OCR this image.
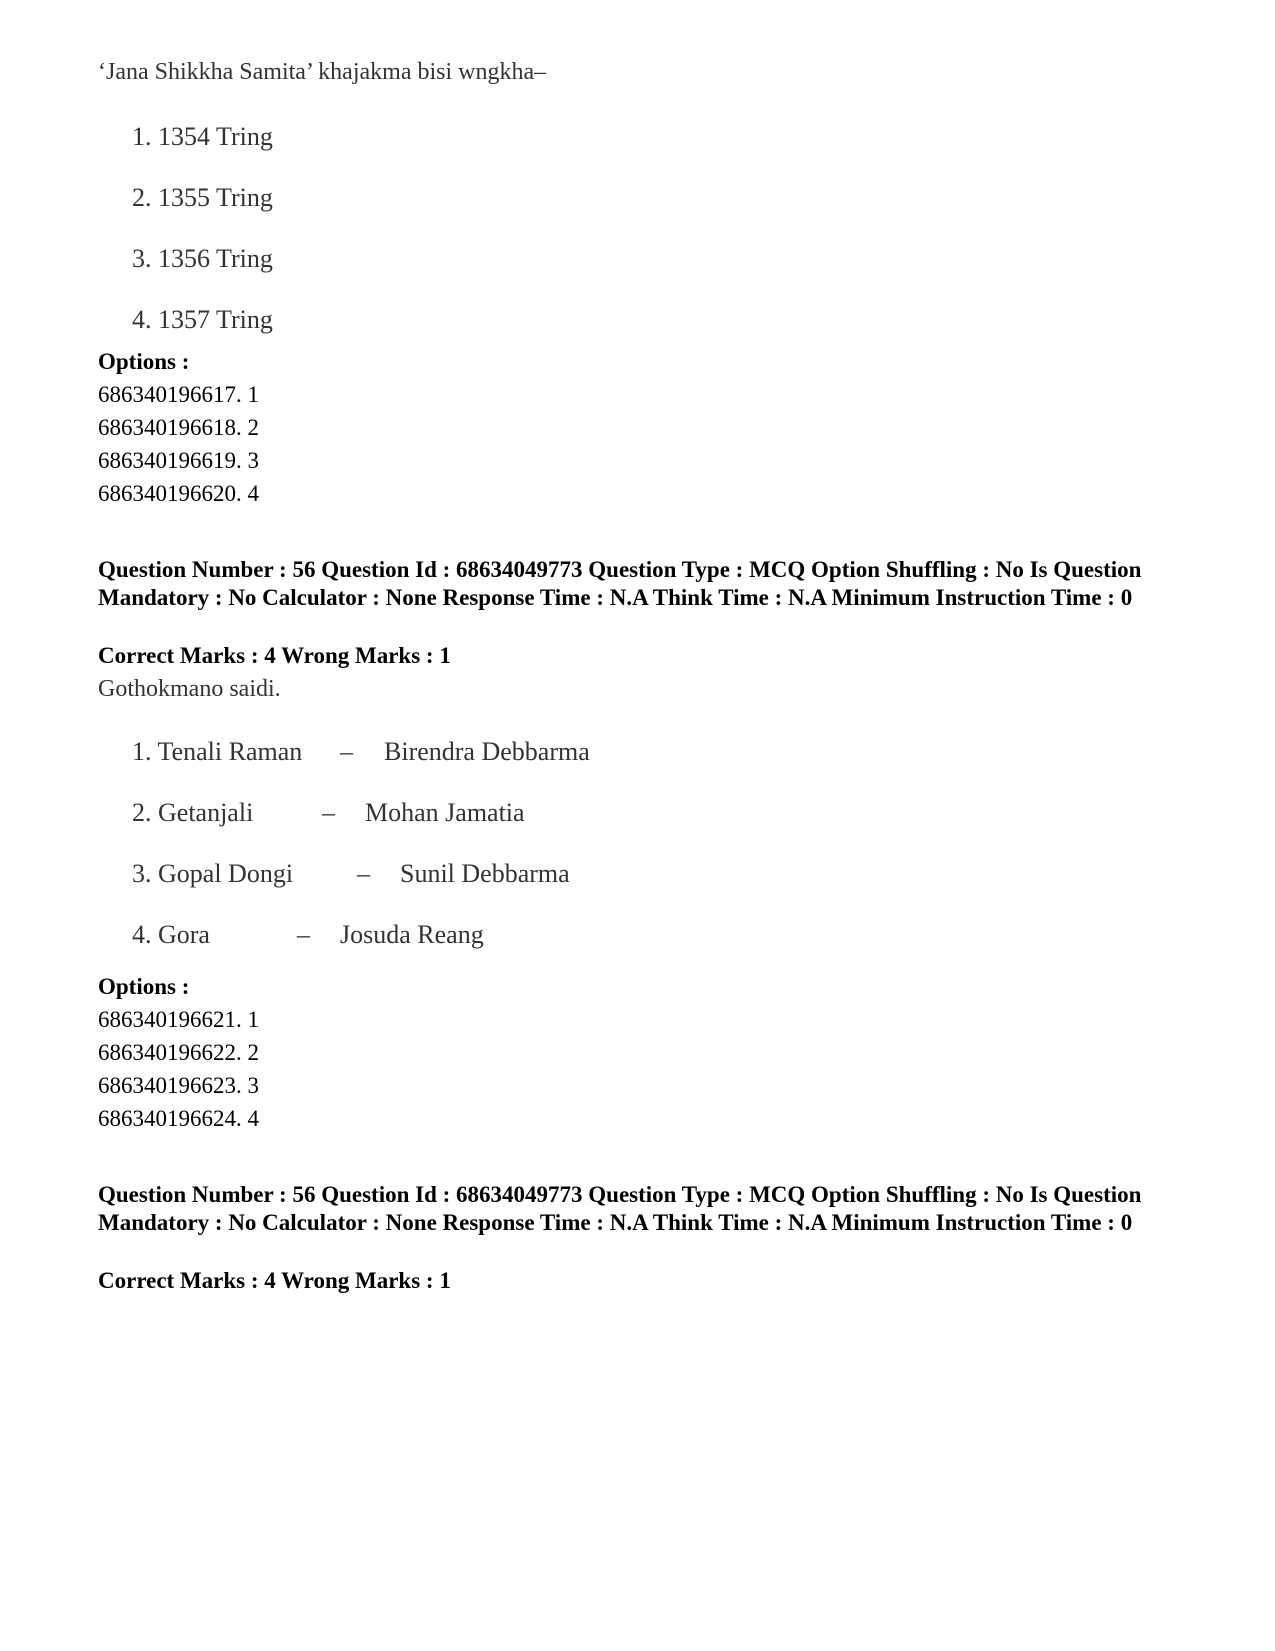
‘Jana Shikkha Samita’ khajakma bisi wngkha–
1. 1354 Tring
2. 1355 Tring
3. 1356 Tring
4. 1357 Tring
Options :
686340196617. 1
686340196618. 2
686340196619. 3
686340196620. 4
Question Number : 56 Question Id : 68634049773 Question Type : MCQ Option Shuffling : No Is Question Mandatory : No Calculator : None Response Time : N.A Think Time : N.A Minimum Instruction Time : 0
Correct Marks : 4 Wrong Marks : 1
Gothokmano saidi.
1. Tenali Raman – Birendra Debbarma
2. Getanjali	– Mohan Jamatia
3. Gopal Dongi – Sunil Debbarma
4. Gora	– Josuda Reang
Options :
686340196621. 1
686340196622. 2
686340196623. 3
686340196624. 4
Question Number : 56 Question Id : 68634049773 Question Type : MCQ Option Shuffling : No Is Question Mandatory : No Calculator : None Response Time : N.A Think Time : N.A Minimum Instruction Time : 0
Correct Marks : 4 Wrong Marks : 1
